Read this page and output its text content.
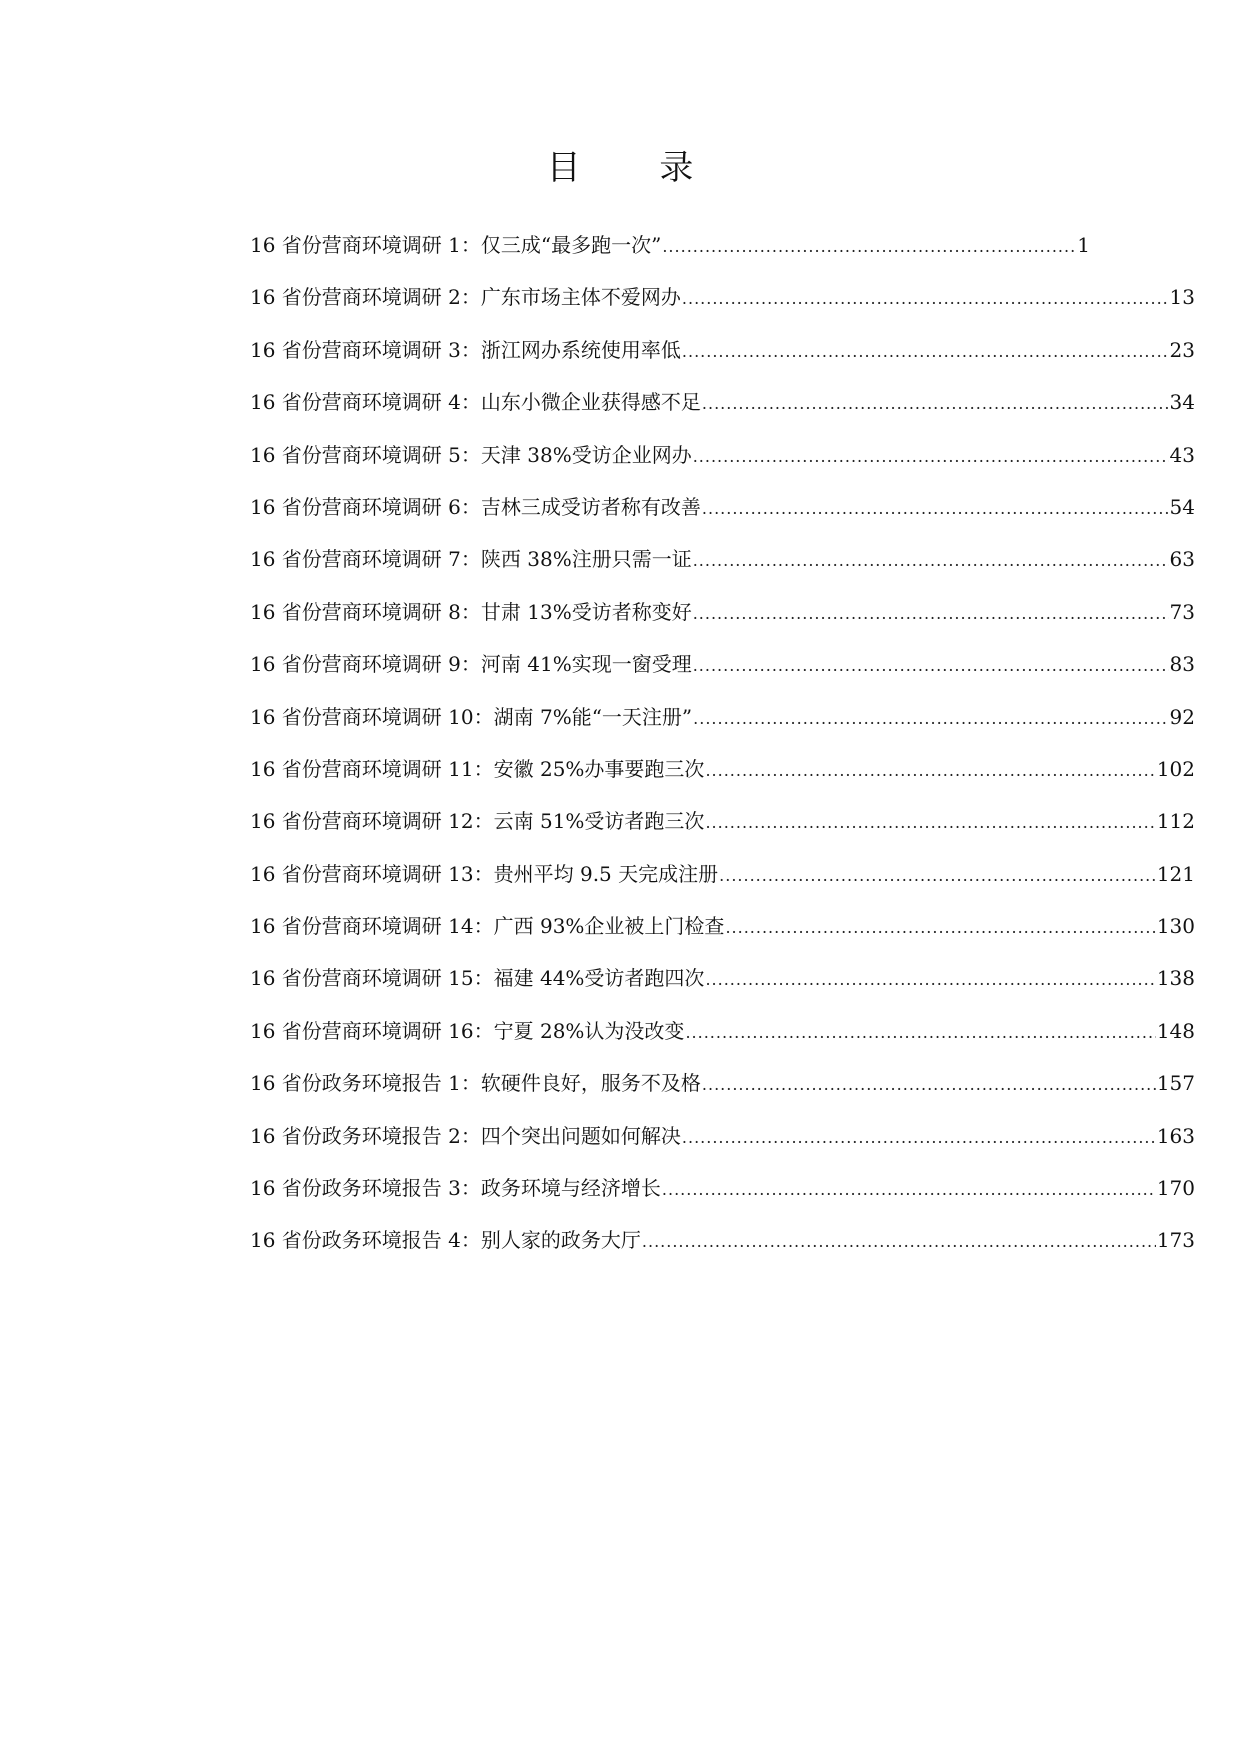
目 录
16 省份营商环境调研 1：仅三成“最多跑一次” .....	1
16 省份营商环境调研 2：广东市场主体不爱网办 .....	13
16 省份营商环境调研 3：浙江网办系统使用率低 .....	23
16 省份营商环境调研 4：山东小微企业获得感不足 .....	34
16 省份营商环境调研 5：天津 38%受访企业网办 .....	43
16 省份营商环境调研 6：吉林三成受访者称有改善 .....	54
16 省份营商环境调研 7：陕西 38%注册只需一证 .....	63
16 省份营商环境调研 8：甘肃 13%受访者称变好 .....	73
16 省份营商环境调研 9：河南 41%实现一窗受理 .....	83
16 省份营商环境调研 10：湖南 7%能“一天注册” .....	92
16 省份营商环境调研 11：安徽 25%办事要跑三次 .....	102
16 省份营商环境调研 12：云南 51%受访者跑三次 .....	112
16 省份营商环境调研 13：贵州平均 9.5 天完成注册 .....	121
16 省份营商环境调研 14：广西 93%企业被上门检查 .....	130
16 省份营商环境调研 15：福建 44%受访者跑四次 .....	138
16 省份营商环境调研 16：宁夏 28%认为没改变 .....	148
16 省份政务环境报告 1：软硬件良好，服务不及格 .....	157
16 省份政务环境报告 2：四个突出问题如何解决 .....	163
16 省份政务环境报告 3：政务环境与经济增长 .....	170
16 省份政务环境报告 4：别人家的政务大厅 .....	173
